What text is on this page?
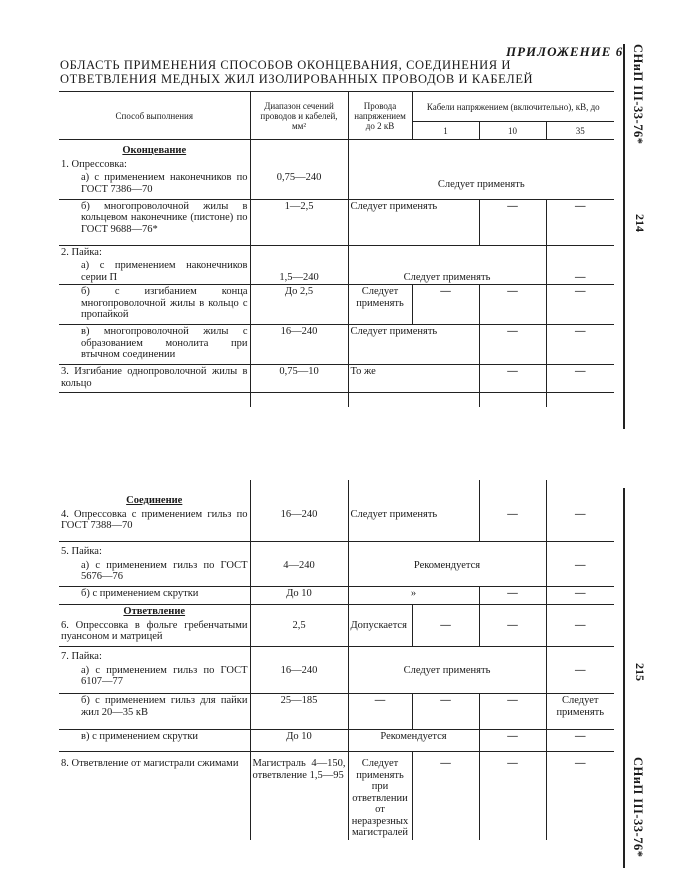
ПРИЛОЖЕНИЕ 6
ОБЛАСТЬ ПРИМЕНЕНИЯ СПОСОБОВ ОКОНЦЕВАНИЯ, СОЕДИНЕНИЯ И ОТВЕТВЛЕНИЯ МЕДНЫХ ЖИЛ ИЗОЛИРОВАННЫХ ПРОВОДОВ И КАБЕЛЕЙ	СНиП III-33-76*
СНиП III-33-76*
214
215
Способ выполнения	Диапазон сечений проводов и кабелей, мм²	Провода напряжением до 2 кВ	Кабели напряжением (включительно), кВ, до		
			1	10	35
Оконцевание					
1. Опрессовка:					
а) с применением наконечников по ГОСТ 7386—70	0,75—240	Следует применять			
б) многопроволочной жилы в кольцевом наконечнике (пистоне) по ГОСТ 9688—76*	1—2,5	Следует применять		—	—
2. Пайка:					
а) с применением наконечников серии П	1,5—240	Следует применять			—
б) с изгибанием конца многопроволочной жилы в кольцо с пропайкой	До 2,5	Следует применять	—	—	—
в) многопроволочной жилы с образованием монолита при втычном соединении	16—240	Следует применять		—	—
3. Изгибание однопроволочной жилы в кольцо	0,75—10	То же		—	—

Соединение					
4. Опрессовка с применением гильз по ГОСТ 7388—70	16—240	Следует применять		—	—
5. Пайка:					
а) с применением гильз по ГОСТ 5676—76	4—240	Рекомендуется			—
б) с применением скрутки	До 10	»		—	—
Ответвление					
6. Опрессовка в фольге гребенчатыми пуансоном и матрицей	2,5	Допускается	—	—	—
7. Пайка:					
а) с применением гильз по ГОСТ 6107—77	16—240	Следует применять			—
б) с применением гильз для пайки жил 20—35 кВ	25—185	—	—	—	Следует применять
в) с применением скрутки	До 10	Рекомендуется		—	—
8. Ответвление от магистрали сжимами	Магистраль 4—150, ответвление 1,5—95	Следует применять при ответвлении от неразрезных магистралей	—	—	—
